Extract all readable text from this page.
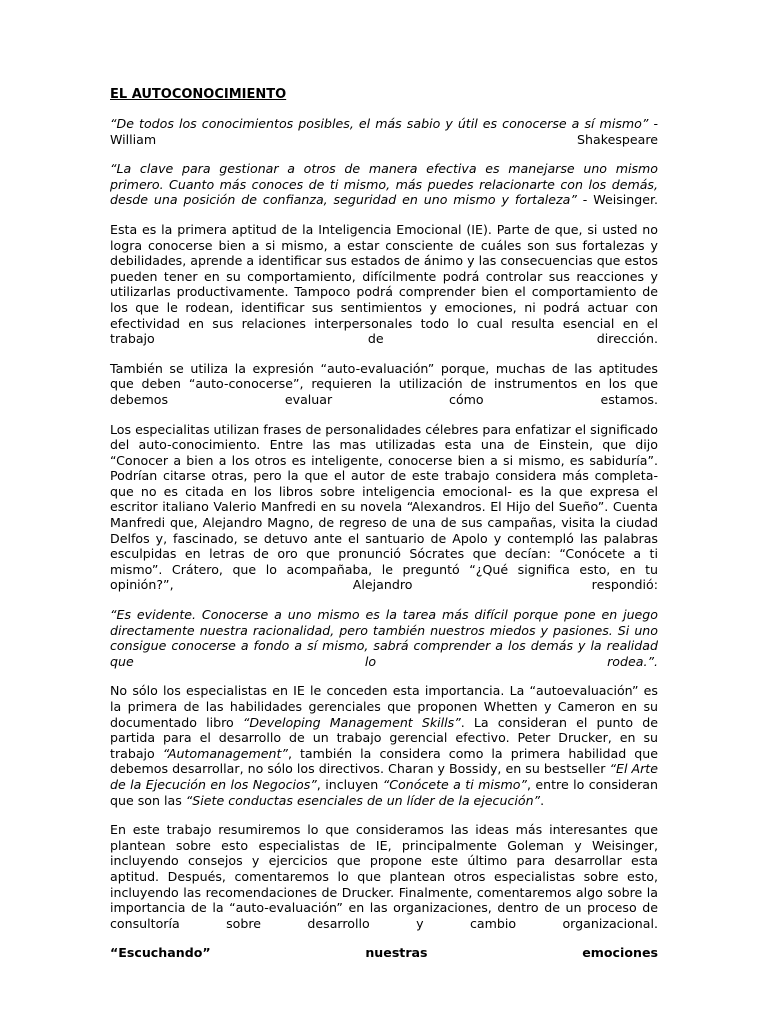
EL AUTOCONOCIMIENTO

“De todos los conocimientos posibles, el más sabio y útil es conocerse a sí mismo” - William Shakespeare

“La clave para gestionar a otros de manera efectiva es manejarse uno mismo primero. Cuanto más conoces de ti mismo, más puedes relacionarte con los demás, desde una posición de confianza, seguridad en uno mismo y fortaleza” - Weisinger.

Esta es la primera aptitud de la Inteligencia Emocional (IE). Parte de que, si usted no logra conocerse bien a si mismo, a estar consciente de cuáles son sus fortalezas y debilidades, aprende a identificar sus estados de ánimo y las consecuencias que estos pueden tener en su comportamiento, difícilmente podrá controlar sus reacciones y utilizarlas productivamente. Tampoco podrá comprender bien el comportamiento de los que le rodean, identificar sus sentimientos y emociones, ni podrá actuar con efectividad en sus relaciones interpersonales todo lo cual resulta esencial en el trabajo de dirección.

También se utiliza la expresión “auto-evaluación” porque, muchas de las aptitudes que deben “auto-conocerse”, requieren la utilización de instrumentos en los que debemos evaluar cómo estamos.

Los especialitas utilizan frases de personalidades célebres para enfatizar el significado del auto-conocimiento. Entre las mas utilizadas esta una de Einstein, que dijo “Conocer a bien a los otros es inteligente, conocerse bien a si mismo, es sabiduría”. Podrían citarse otras, pero la que el autor de este trabajo considera más completa- que no es citada en los libros sobre inteligencia emocional- es la que expresa el escritor italiano Valerio Manfredi en su novela “Alexandros. El Hijo del Sueño”. Cuenta Manfredi que, Alejandro Magno, de regreso de una de sus campañas, visita la ciudad Delfos y, fascinado, se detuvo ante el santuario de Apolo y contempló las palabras esculpidas en letras de oro que pronunció Sócrates que decían: “Conócete a ti mismo”. Crátero, que lo acompañaba, le preguntó “¿Qué significa esto, en tu opinión?”, Alejandro respondió:

“Es evidente. Conocerse a uno mismo es la tarea más difícil porque pone en juego directamente nuestra racionalidad, pero también nuestros miedos y pasiones. Si uno consigue conocerse a fondo a sí mismo, sabrá comprender a los demás y la realidad que lo rodea.”.

No sólo los especialistas en IE le conceden esta importancia. La “autoevaluación” es la primera de las habilidades gerenciales que proponen Whetten y Cameron en su documentado libro “Developing Management Skills”. La consideran el punto de partida para el desarrollo de un trabajo gerencial efectivo. Peter Drucker, en su trabajo “Automanagement”, también la considera como la primera habilidad que debemos desarrollar, no sólo los directivos. Charan y Bossidy, en su bestseller “El Arte de la Ejecución en los Negocios”, incluyen “Conócete a ti mismo”, entre lo consideran que son las “Siete conductas esenciales de un líder de la ejecución”.

En este trabajo resumiremos lo que consideramos las ideas más interesantes que plantean sobre esto especialistas de IE, principalmente Goleman y Weisinger, incluyendo consejos y ejercicios que propone este último para desarrollar esta aptitud. Después, comentaremos lo que plantean otros especialistas sobre esto, incluyendo las recomendaciones de Drucker. Finalmente, comentaremos algo sobre la importancia de la “auto-evaluación” en las organizaciones, dentro de un proceso de consultoría sobre desarrollo y cambio organizacional.

“Escuchando” nuestras emociones
